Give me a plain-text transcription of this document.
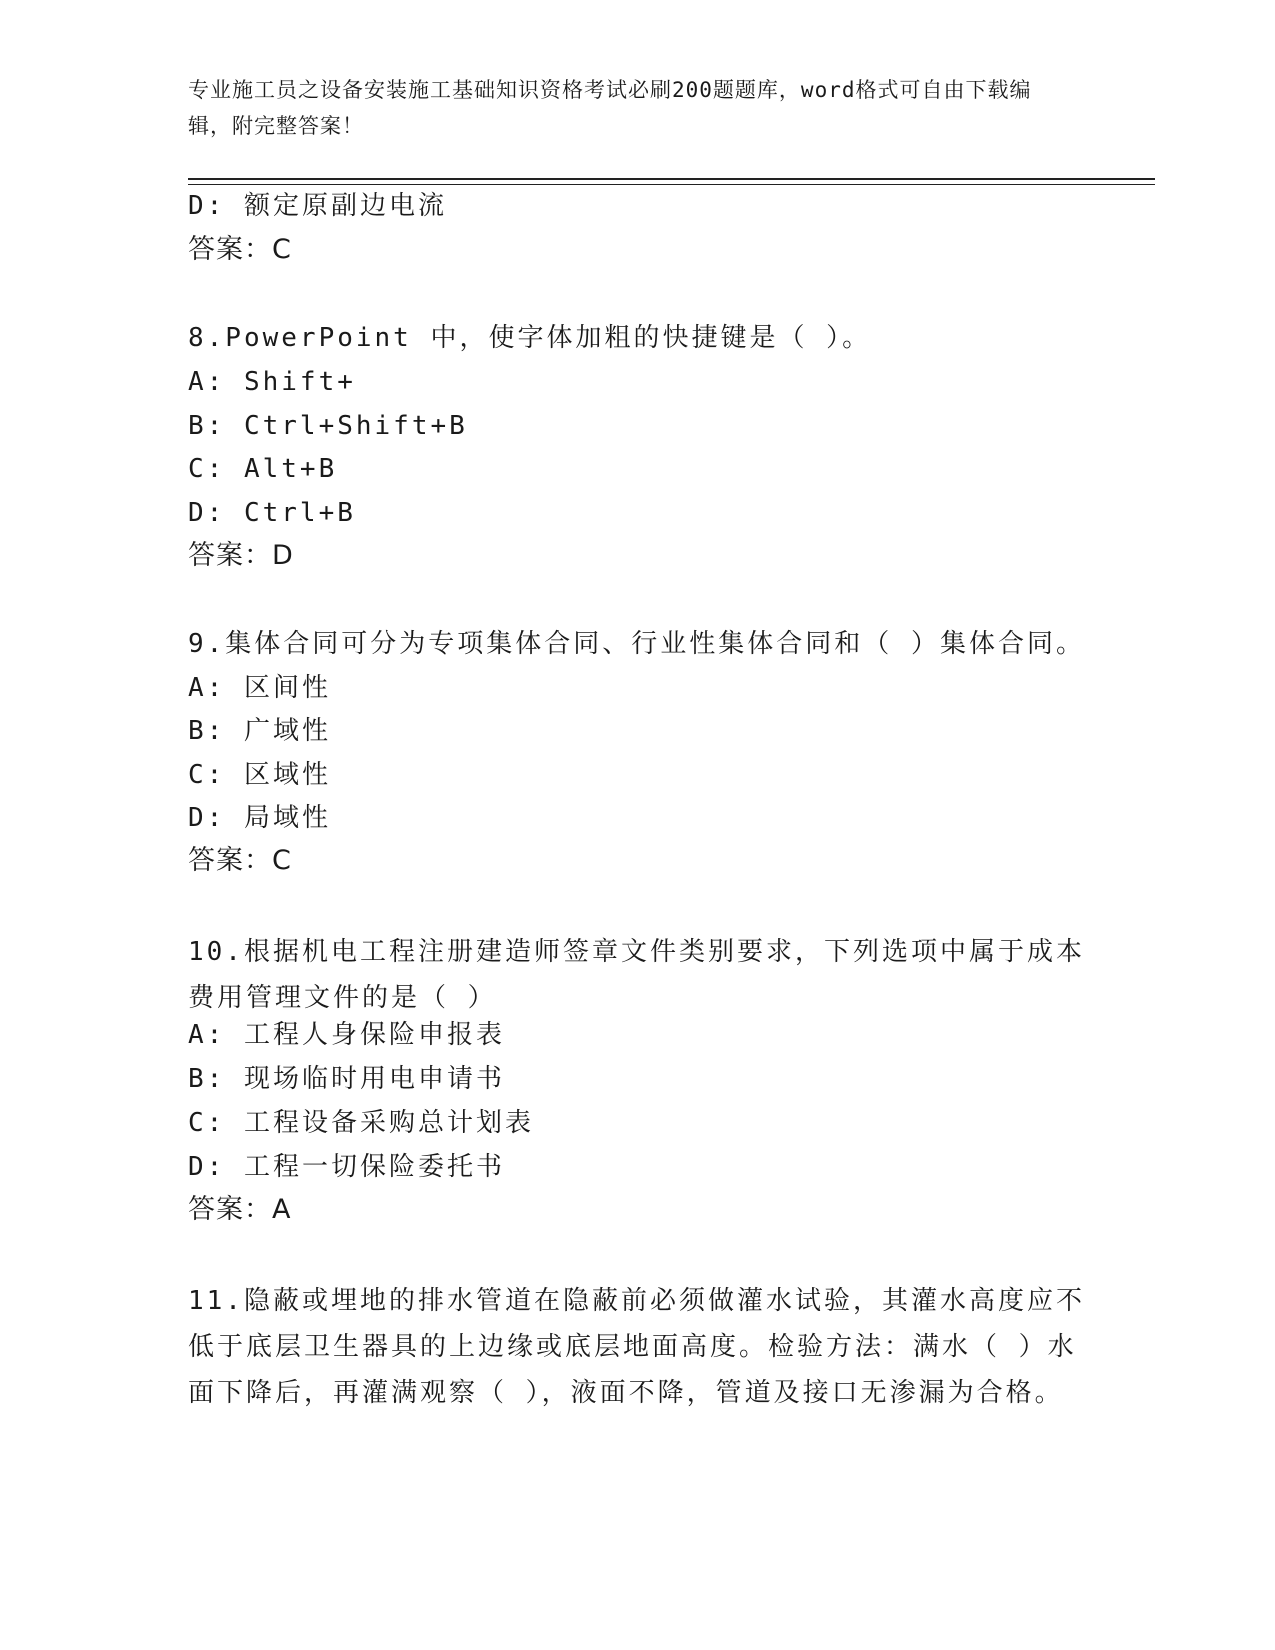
专业施工员之设备安装施工基础知识资格考试必刷200题题库，word格式可自由下载编辑，附完整答案！
D: 额定原副边电流
答案：C
8.PowerPoint 中，使字体加粗的快捷键是（ ）。
A: Shift+
B: Ctrl+Shift+B
C: Alt+B
D: Ctrl+B
答案：D
9.集体合同可分为专项集体合同、行业性集体合同和（ ）集体合同。
A: 区间性
B: 广域性
C: 区域性
D: 局域性
答案：C
10.根据机电工程注册建造师签章文件类别要求，下列选项中属于成本费用管理文件的是（ ）
A: 工程人身保险申报表
B: 现场临时用电申请书
C: 工程设备采购总计划表
D: 工程一切保险委托书
答案：A
11.隐蔽或埋地的排水管道在隐蔽前必须做灌水试验，其灌水高度应不低于底层卫生器具的上边缘或底层地面高度。检验方法：满水（ ）水面下降后，再灌满观察（ ），液面不降，管道及接口无渗漏为合格。
